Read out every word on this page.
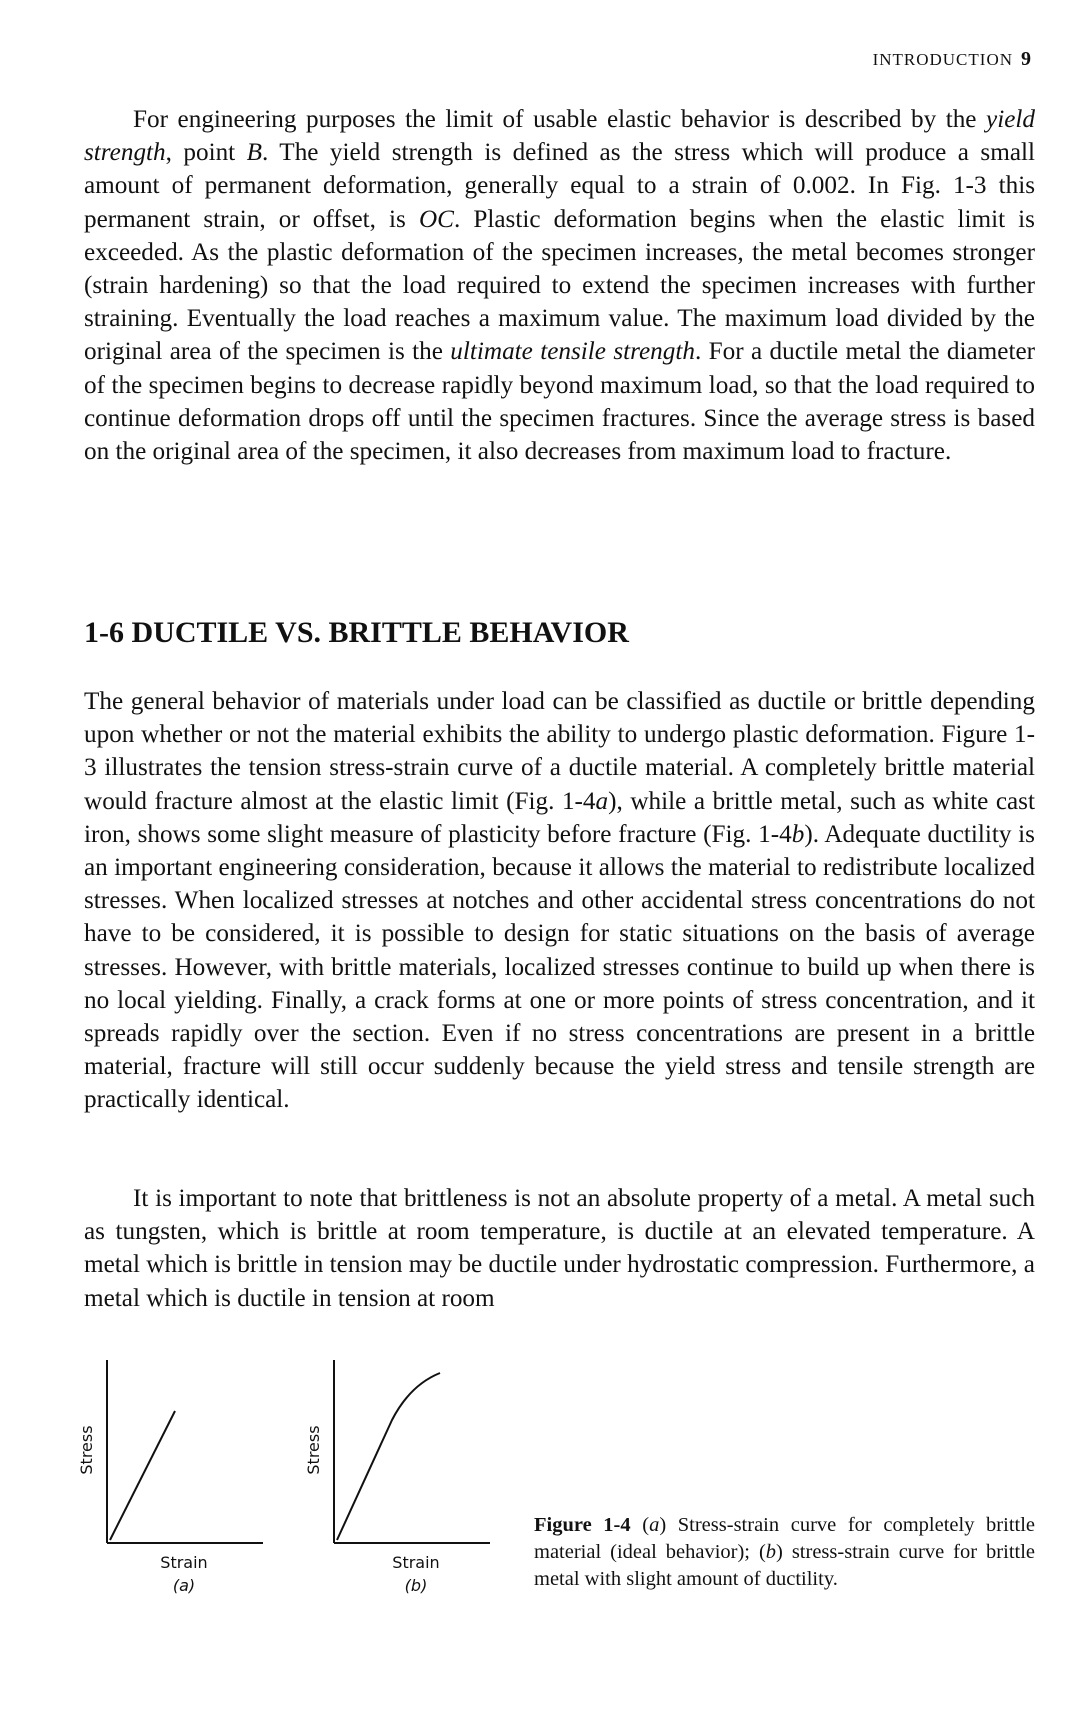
INTRODUCTION 9

For engineering purposes the limit of usable elastic behavior is described by the yield strength, point B. The yield strength is defined as the stress which will produce a small amount of permanent deformation, generally equal to a strain of 0.002. In Fig. 1-3 this permanent strain, or offset, is OC. Plastic deformation begins when the elastic limit is exceeded. As the plastic deformation of the specimen increases, the metal becomes stronger (strain hardening) so that the load required to extend the specimen increases with further straining. Eventually the load reaches a maximum value. The maximum load divided by the original area of the specimen is the ultimate tensile strength. For a ductile metal the diameter of the specimen begins to decrease rapidly beyond maximum load, so that the load required to continue deformation drops off until the specimen fractures. Since the average stress is based on the original area of the specimen, it also decreases from maximum load to fracture.

1-6 DUCTILE VS. BRITTLE BEHAVIOR

The general behavior of materials under load can be classified as ductile or brittle depending upon whether or not the material exhibits the ability to undergo plastic deformation. Figure 1-3 illustrates the tension stress-strain curve of a ductile material. A completely brittle material would fracture almost at the elastic limit (Fig. 1-4a), while a brittle metal, such as white cast iron, shows some slight measure of plasticity before fracture (Fig. 1-4b). Adequate ductility is an important engineering consideration, because it allows the material to redistribute localized stresses. When localized stresses at notches and other accidental stress concentrations do not have to be considered, it is possible to design for static situations on the basis of average stresses. However, with brittle materials, localized stresses continue to build up when there is no local yielding. Finally, a crack forms at one or more points of stress concentration, and it spreads rapidly over the section. Even if no stress concentrations are present in a brittle material, fracture will still occur suddenly because the yield stress and tensile strength are practically identical.

It is important to note that brittleness is not an absolute property of a metal. A metal such as tungsten, which is brittle at room temperature, is ductile at an elevated temperature. A metal which is brittle in tension may be ductile under hydrostatic compression. Furthermore, a metal which is ductile in tension at room

Stress
Strain
(a)
Stress
Strain
(b)

Figure 1-4 (a) Stress-strain curve for completely brittle material (ideal behavior); (b) stress-strain curve for brittle metal with slight amount of ductility.
